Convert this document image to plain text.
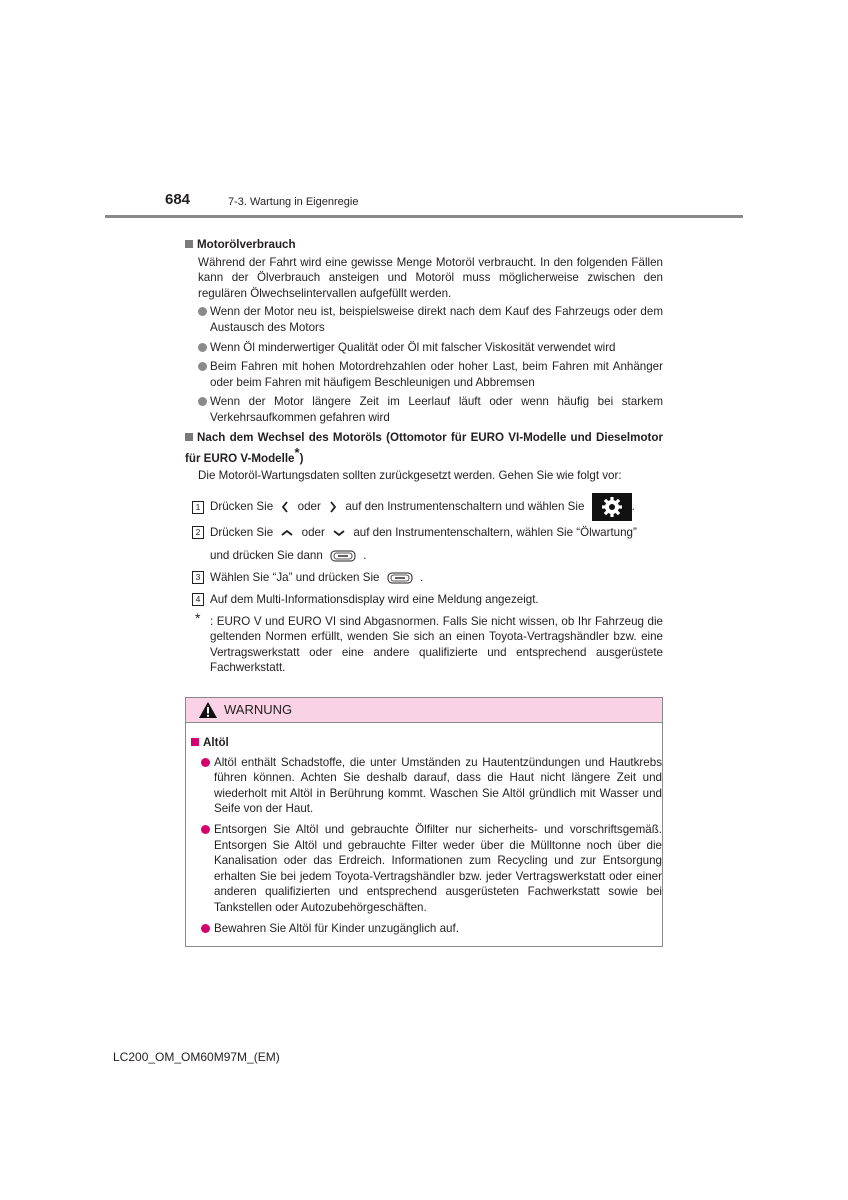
684	7-3. Wartung in Eigenregie
Motorölverbrauch

Während der Fahrt wird eine gewisse Menge Motoröl verbraucht. In den folgenden Fällen kann der Ölverbrauch ansteigen und Motoröl muss möglicherweise zwischen den regulären Ölwechselintervallen aufgefüllt werden.

Wenn der Motor neu ist, beispielsweise direkt nach dem Kauf des Fahrzeugs oder dem Austausch des Motors
Wenn Öl minderwertiger Qualität oder Öl mit falscher Viskosität verwendet wird
Beim Fahren mit hohen Motordrehzahlen oder hoher Last, beim Fahren mit Anhänger oder beim Fahren mit häufigem Beschleunigen und Abbremsen
Wenn der Motor längere Zeit im Leerlauf läuft oder wenn häufig bei starkem Verkehrsaufkommen gefahren wird
Nach dem Wechsel des Motoröls (Ottomotor für EURO VI-Modelle und Dieselmotor für EURO V-Modelle*)

Die Motoröl-Wartungsdaten sollten zurückgesetzt werden. Gehen Sie wie folgt vor:

1 Drücken Sie oder auf den Instrumentenschaltern und wählen Sie	.
2 Drücken Sie oder auf den Instrumentenschaltern, wählen Sie “Ölwartung”
und drücken Sie dann	.
3 Wählen Sie “Ja” und drücken Sie	.
4 Auf dem Multi-Informationsdisplay wird eine Meldung angezeigt.
* : EURO V und EURO VI sind Abgasnormen. Falls Sie nicht wissen, ob Ihr Fahrzeug die geltenden Normen erfüllt, wenden Sie sich an einen Toyota-Vertragshändler bzw. eine Vertragswerkstatt oder eine andere qualifizierte und entsprechend ausgerüstete Fachwerkstatt.
WARNUNG
Altöl
Altöl enthält Schadstoffe, die unter Umständen zu Hautentzündungen und Hautkrebs führen können. Achten Sie deshalb darauf, dass die Haut nicht längere Zeit und wiederholt mit Altöl in Berührung kommt. Waschen Sie Altöl gründlich mit Wasser und Seife von der Haut.
Entsorgen Sie Altöl und gebrauchte Ölfilter nur sicherheits- und vorschriftsgemäß. Entsorgen Sie Altöl und gebrauchte Filter weder über die Mülltonne noch über die Kanalisation oder das Erdreich. Informationen zum Recycling und zur Entsorgung erhalten Sie bei jedem Toyota-Vertragshändler bzw. jeder Vertragswerkstatt oder einer anderen qualifizierten und entsprechend ausgerüsteten Fachwerkstatt sowie bei Tankstellen oder Autozubehörgeschäften.
Bewahren Sie Altöl für Kinder unzugänglich auf.
LC200_OM_OM60M97M_(EM)
